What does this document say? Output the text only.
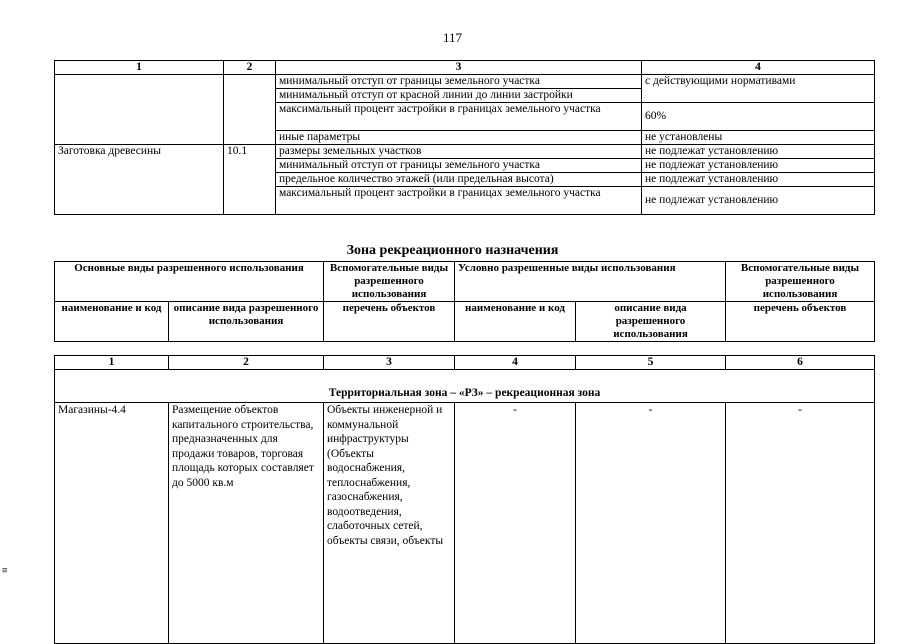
117
1	2	3	4
		минимальный отступ от границы земельного участка	с действующими нормативами
		минимальный отступ от красной линии до линии застройки	
		максимальный процент застройки в границах земельного участка	60%
		иные параметры	не установлены
Заготовка древесины	10.1	размеры земельных участков	не подлежат установлению
		минимальный отступ от границы земельного участка	не подлежат установлению
		предельное количество этажей (или предельная высота)	не подлежат установлению
		максимальный процент застройки в границах земельного участка	не подлежат установлению
Зона рекреационного назначения
Основные виды разрешенного использования		Вспомогательные виды разрешенного использования	Условно разрешенные виды использования		Вспомогательные виды разрешенного использования
наименование и код	описание вида разрешенного использования	перечень объектов	наименование и код	описание вида разрешенного использования	перечень объектов
1	2	3	4	5	6
Территориальная зона – «РЗ» – рекреационная зона					
Магазины-4.4	Размещение объектов капитального строительства, предназначенных для продажи товаров, торговая площадь которых составляет до 5000 кв.м	Объекты инженерной и коммунальной инфраструктуры (Объекты водоснабжения, теплоснабжения, газоснабжения, водоотведения, слаботочных сетей, объекты связи, объекты	-	-	-
≡
